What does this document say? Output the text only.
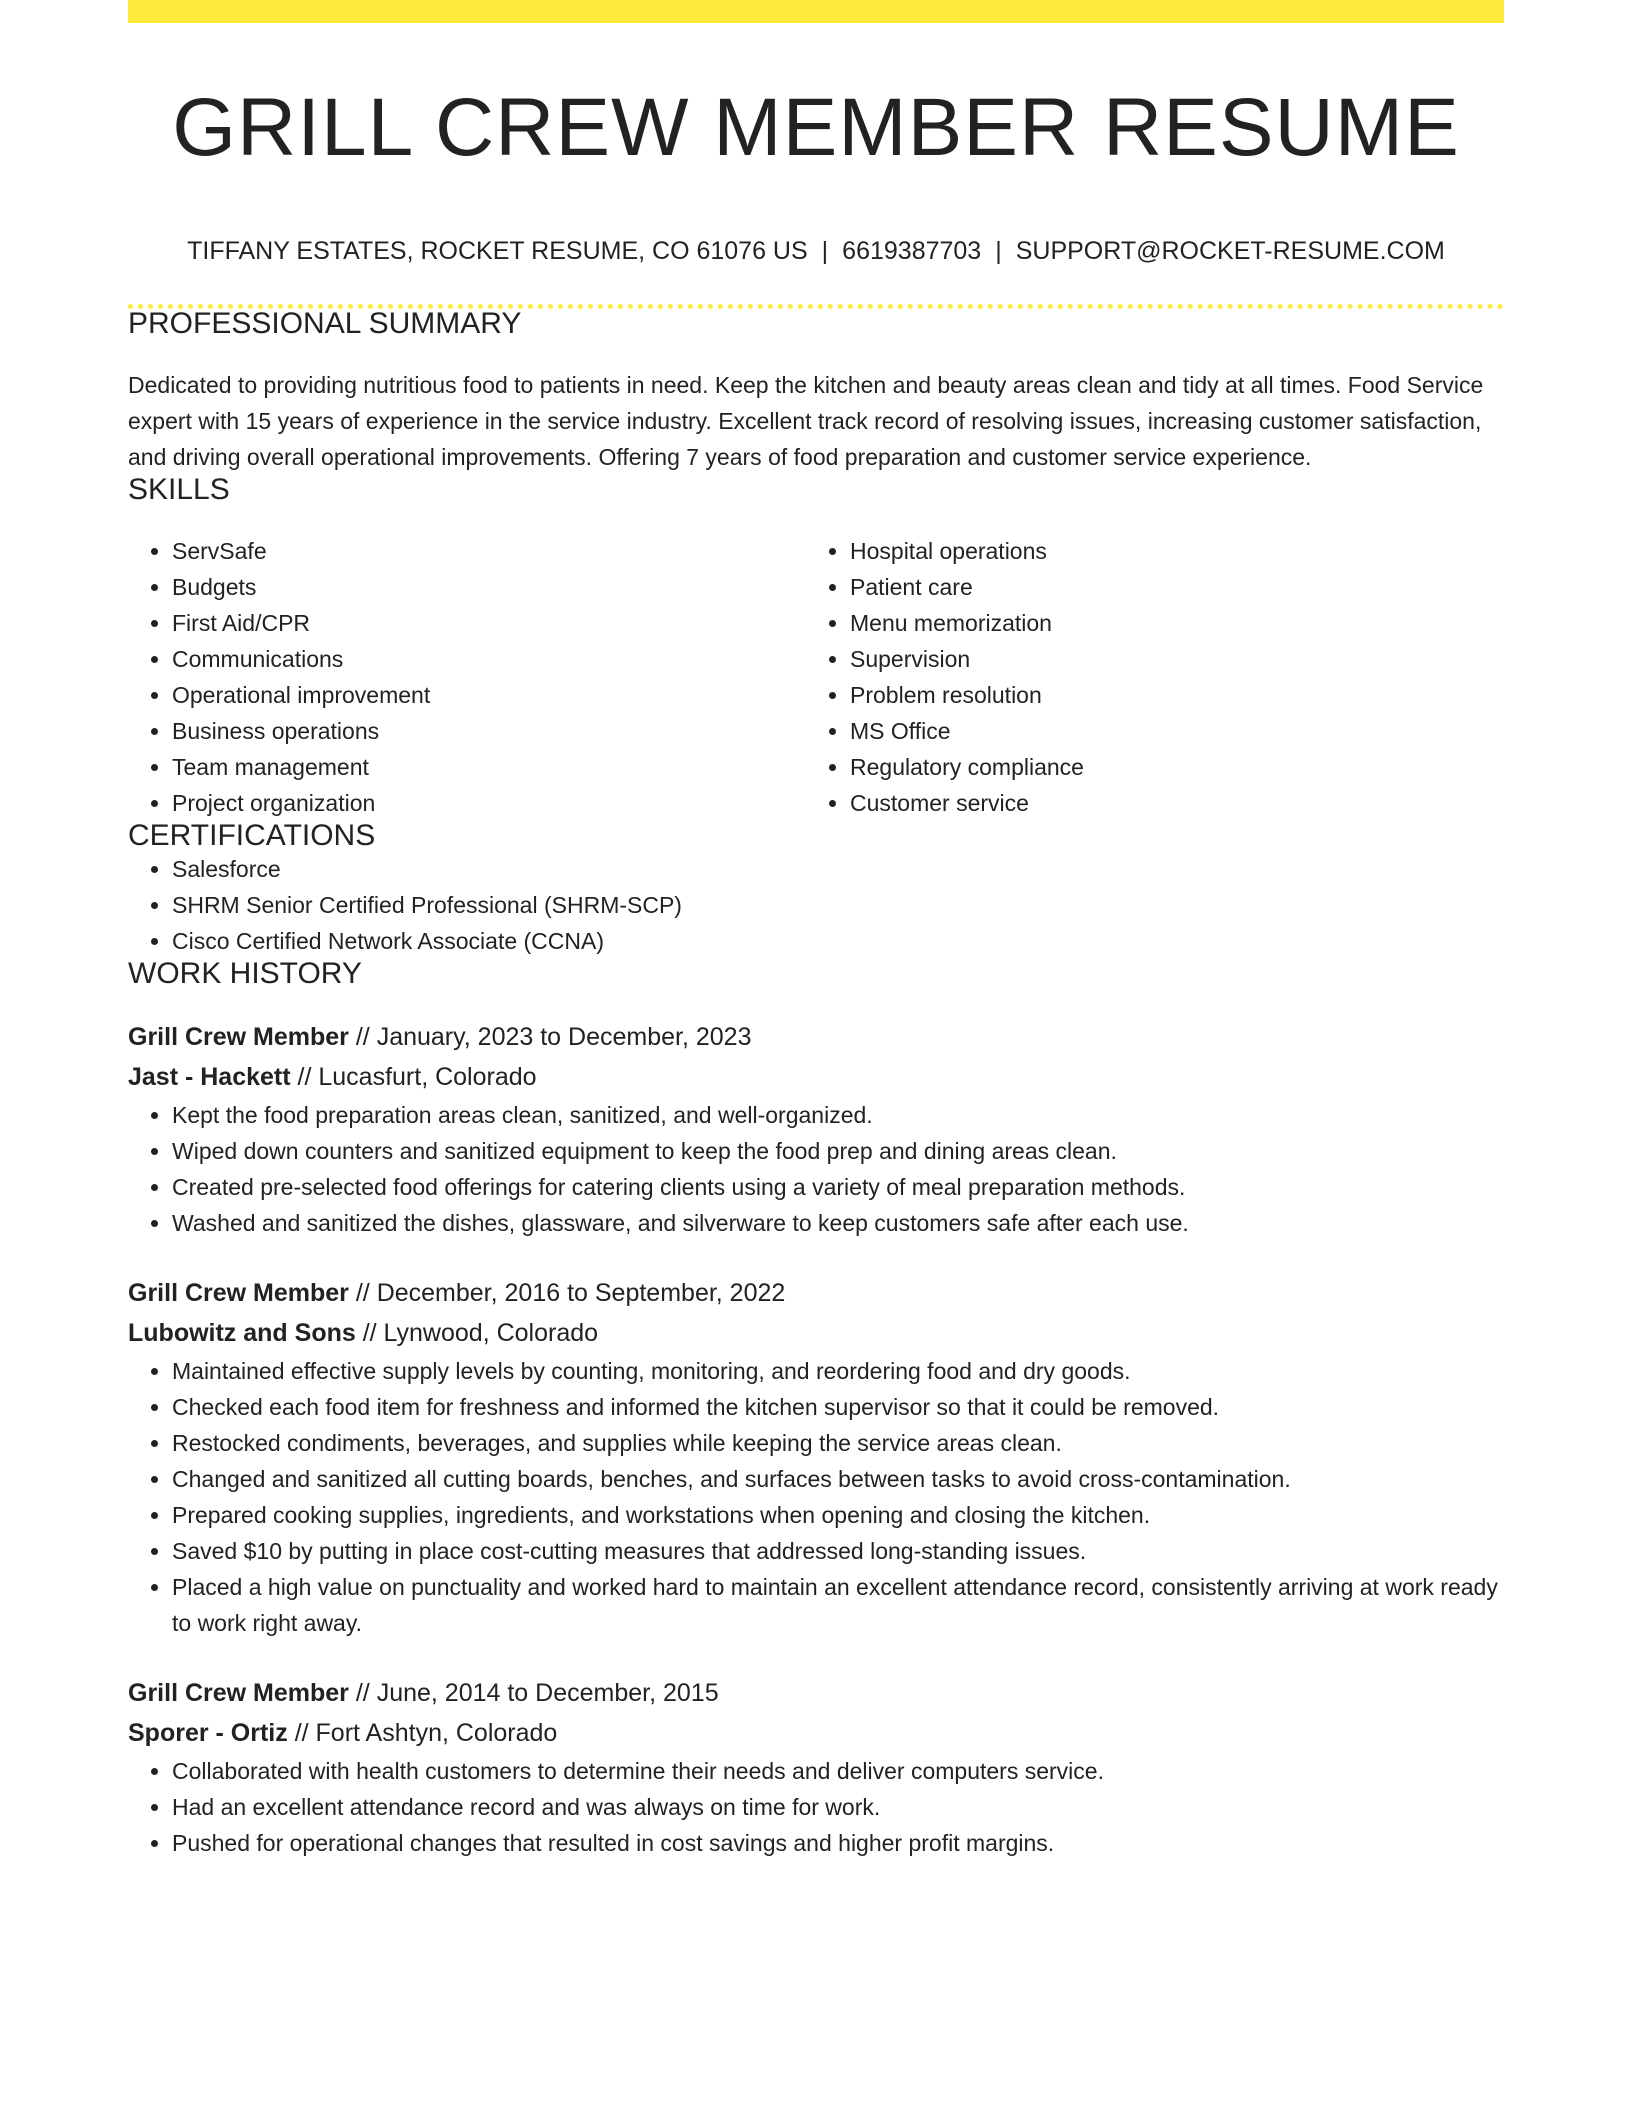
GRILL CREW MEMBER RESUME
TIFFANY ESTATES, ROCKET RESUME, CO 61076 US | 6619387703 | SUPPORT@ROCKET-RESUME.COM
PROFESSIONAL SUMMARY

Dedicated to providing nutritious food to patients in need. Keep the kitchen and beauty areas clean and tidy at all times. Food Service expert with 15 years of experience in the service industry. Excellent track record of resolving issues, increasing customer satisfaction, and driving overall operational improvements. Offering 7 years of food preparation and customer service experience.

SKILLS
• ServSafe
• Budgets
• First Aid/CPR
• Communications
• Operational improvement
• Business operations
• Team management
• Project organization
• Hospital operations
• Patient care
• Menu memorization
• Supervision
• Problem resolution
• MS Office
• Regulatory compliance
• Customer service
CERTIFICATIONS
• Salesforce
• SHRM Senior Certified Professional (SHRM-SCP)
• Cisco Certified Network Associate (CCNA)
WORK HISTORY
Grill Crew Member // January, 2023 to December, 2023
Jast - Hackett // Lucasfurt, Colorado
• Kept the food preparation areas clean, sanitized, and well-organized.
• Wiped down counters and sanitized equipment to keep the food prep and dining areas clean.
• Created pre-selected food offerings for catering clients using a variety of meal preparation methods.
• Washed and sanitized the dishes, glassware, and silverware to keep customers safe after each use.
Grill Crew Member // December, 2016 to September, 2022
Lubowitz and Sons // Lynwood, Colorado
• Maintained effective supply levels by counting, monitoring, and reordering food and dry goods.
• Checked each food item for freshness and informed the kitchen supervisor so that it could be removed.
• Restocked condiments, beverages, and supplies while keeping the service areas clean.
• Changed and sanitized all cutting boards, benches, and surfaces between tasks to avoid cross-contamination.
• Prepared cooking supplies, ingredients, and workstations when opening and closing the kitchen.
• Saved $10 by putting in place cost-cutting measures that addressed long-standing issues.
• Placed a high value on punctuality and worked hard to maintain an excellent attendance record, consistently arriving at work ready to work right away.
Grill Crew Member // June, 2014 to December, 2015
Sporer - Ortiz // Fort Ashtyn, Colorado
• Collaborated with health customers to determine their needs and deliver computers service.
• Had an excellent attendance record and was always on time for work.
• Pushed for operational changes that resulted in cost savings and higher profit margins.
